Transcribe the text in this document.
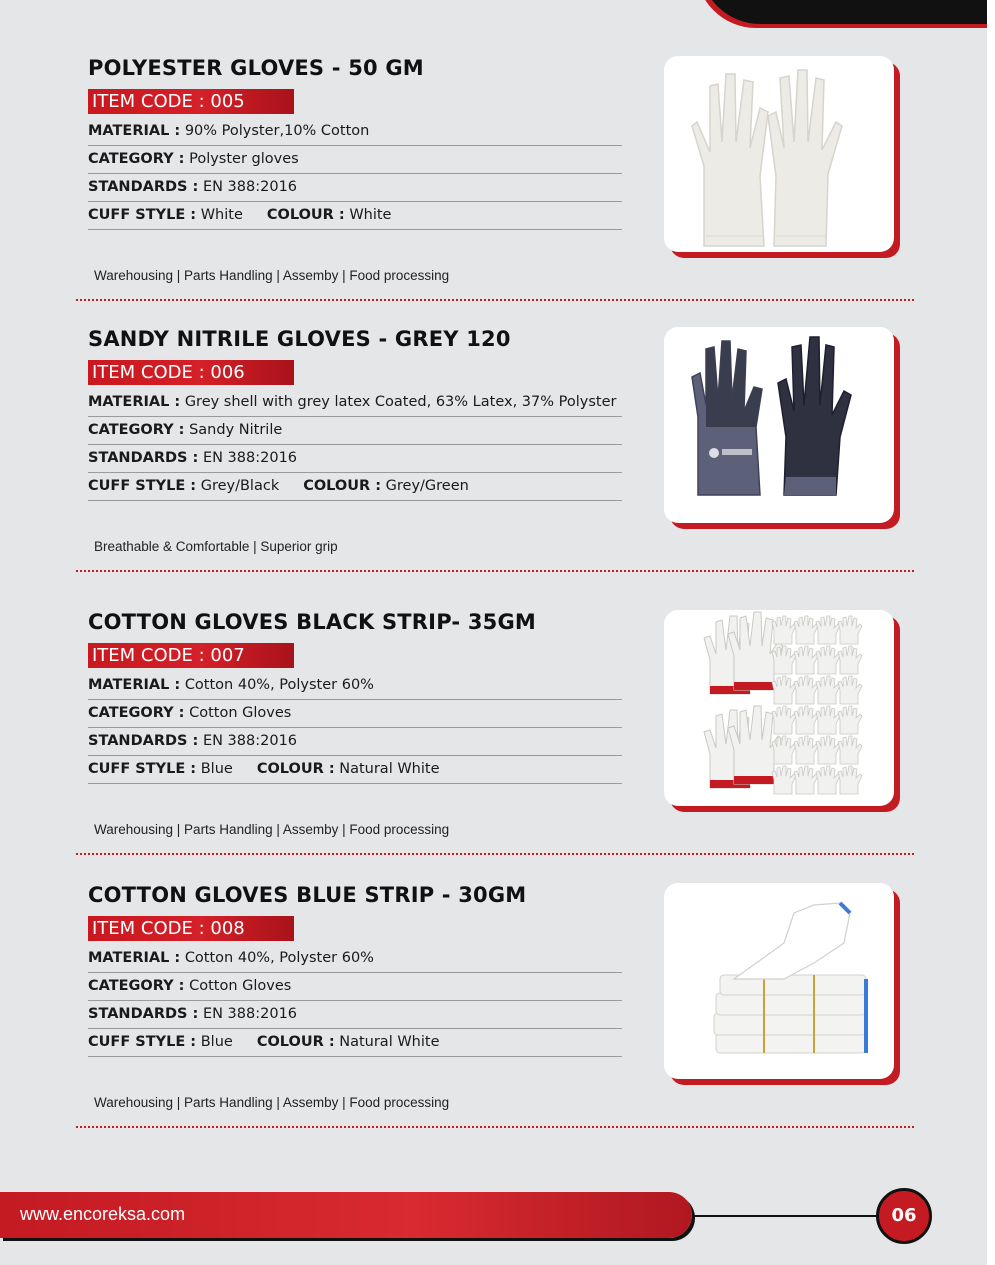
POLYESTER GLOVES - 50 GM
ITEM CODE : 005
MATERIAL : 90% Polyster,10% Cotton
CATEGORY : Polyster gloves
STANDARDS : EN 388:2016
CUFF STYLE : White COLOUR : White
Warehousing | Parts Handling | Assemby | Food processing
SANDY NITRILE GLOVES - GREY 120
ITEM CODE : 006
MATERIAL : Grey shell with grey latex Coated, 63% Latex, 37% Polyster
CATEGORY : Sandy Nitrile
STANDARDS : EN 388:2016
CUFF STYLE : Grey/Black COLOUR : Grey/Green
Breathable & Comfortable | Superior grip
COTTON GLOVES BLACK STRIP- 35GM
ITEM CODE : 007
MATERIAL : Cotton 40%, Polyster 60%
CATEGORY : Cotton Gloves
STANDARDS : EN 388:2016
CUFF STYLE : Blue COLOUR : Natural White
Warehousing | Parts Handling | Assemby | Food processing
COTTON GLOVES BLUE STRIP - 30GM
ITEM CODE : 008
MATERIAL : Cotton 40%, Polyster 60%
CATEGORY : Cotton Gloves
STANDARDS : EN 388:2016
CUFF STYLE : Blue COLOUR : Natural White
Warehousing | Parts Handling | Assemby | Food processing
www.encoreksa.com	06
